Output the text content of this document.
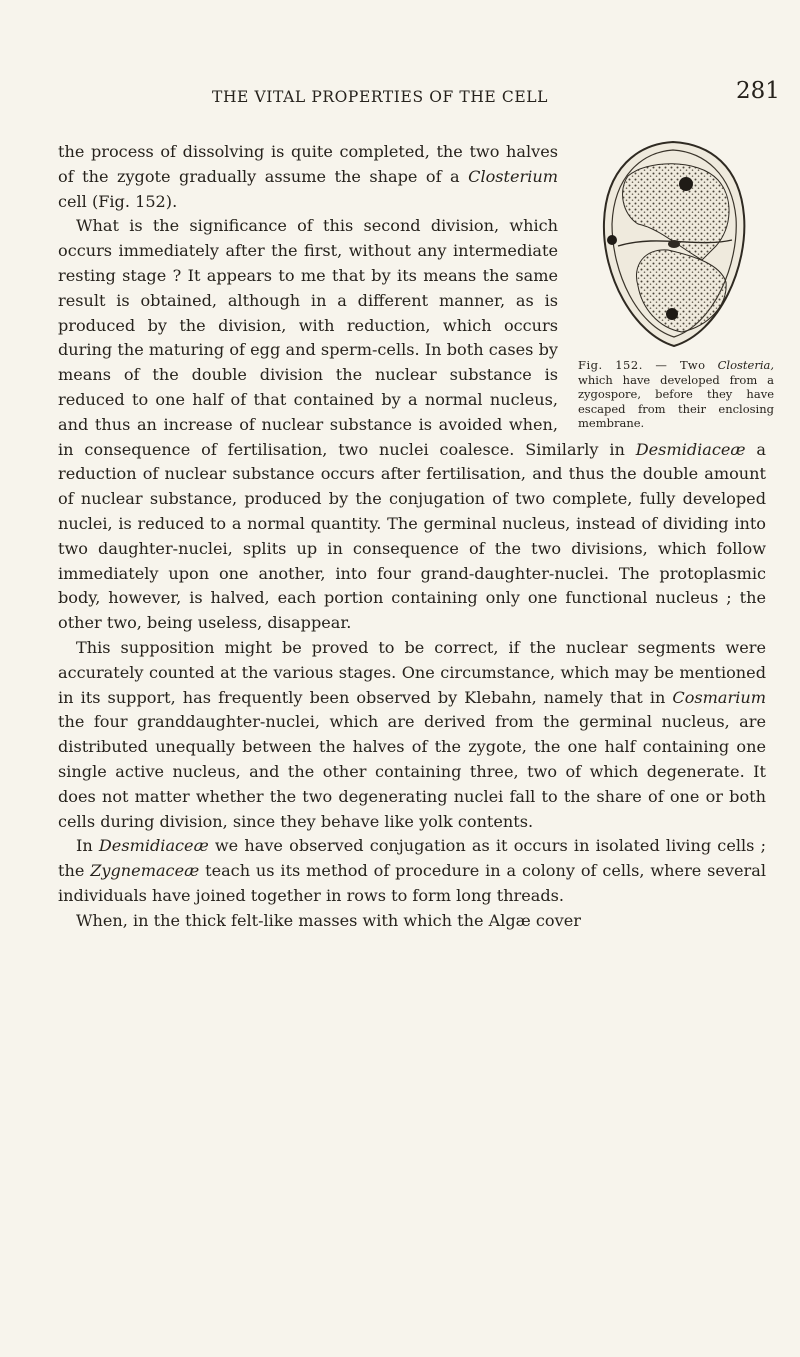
THE VITAL PROPERTIES OF THE CELL	281
Fig. 152. — Two Closteria, which have developed from a zygospore, before they have escaped from their enclosing membrane.

the process of dissolving is quite completed, the two halves of the zygote gradually assume the shape of a Closterium cell (Fig. 152).

What is the significance of this second division, which occurs immediately after the first, without any intermediate resting stage ? It appears to me that by its means the same result is obtained, although in a different manner, as is produced by the division, with reduction, which occurs during the maturing of egg and sperm-cells. In both cases by means of the double division the nuclear substance is reduced to one half of that contained by a normal nucleus, and thus an increase of nuclear substance is avoided when, in consequence of fertilisation, two nuclei coalesce. Similarly in Desmidiaceæ a reduction of nuclear substance occurs after fertilisation, and thus the double amount of nuclear substance, produced by the conjugation of two complete, fully developed nuclei, is reduced to a normal quantity. The germinal nucleus, instead of dividing into two daughter-nuclei, splits up in consequence of the two divisions, which follow immediately upon one another, into four grand-daughter-nuclei. The protoplasmic body, however, is halved, each portion containing only one functional nucleus ; the other two, being useless, disappear.

This supposition might be proved to be correct, if the nuclear segments were accurately counted at the various stages. One circumstance, which may be mentioned in its support, has frequently been observed by Klebahn, namely that in Cosmarium the four granddaughter-nuclei, which are derived from the germinal nucleus, are distributed unequally between the halves of the zygote, the one half containing one single active nucleus, and the other containing three, two of which degenerate. It does not matter whether the two degenerating nuclei fall to the share of one or both cells during division, since they behave like yolk contents.

In Desmidiaceæ we have observed conjugation as it occurs in isolated living cells ; the Zygnemaceæ teach us its method of procedure in a colony of cells, where several individuals have joined together in rows to form long threads.

When, in the thick felt-like masses with which the Algæ cover
